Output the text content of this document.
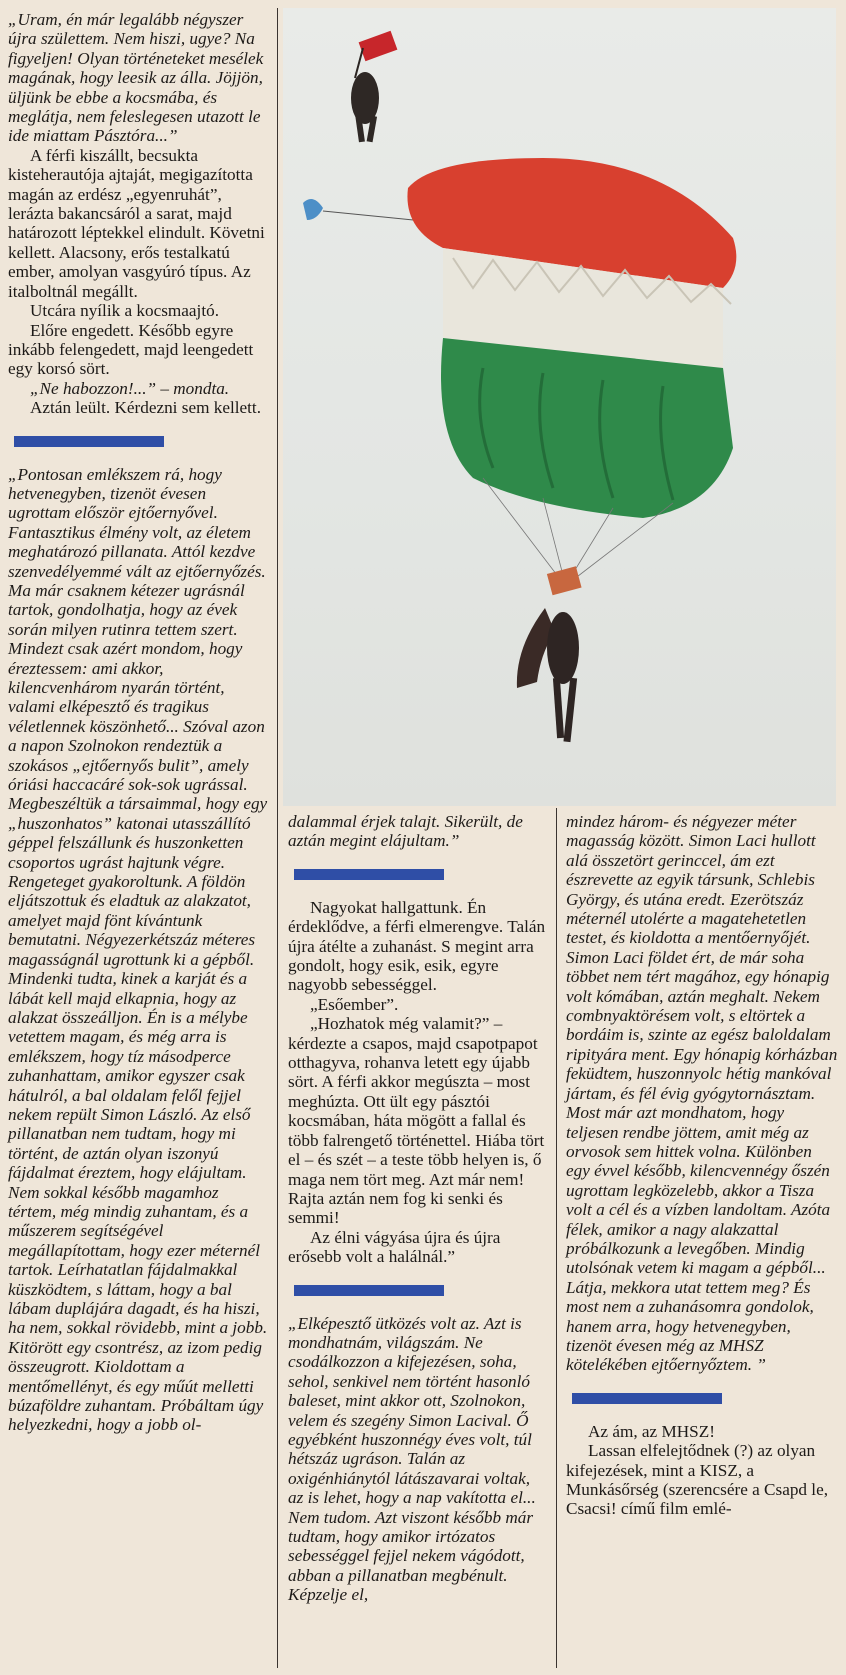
„Uram, én már legalább négyszer újra születtem. Nem hiszi, ugye? Na figyeljen! Olyan történeteket mesélek magának, hogy leesik az álla. Jöjjön, üljünk be ebbe a kocsmába, és meglátja, nem feleslegesen utazott le ide miattam Pásztóra...”

A férfi kiszállt, becsukta kisteherautója ajtaját, megigazította magán az erdész „egyenruhát”, lerázta bakancsáról a sarat, majd határozott léptekkel elindult. Követni kellett. Alacsony, erős testalkatú ember, amolyan vasgyúró típus. Az italboltnál megállt.

Utcára nyílik a kocsmaajtó.

Előre engedett. Később egyre inkább felengedett, majd leengedett egy korsó sört.

„Ne habozzon!...” – mondta.

Aztán leült. Kérdezni sem kellett.

„Pontosan emlékszem rá, hogy hetvenegyben, tizenöt évesen ugrottam először ejtőernyővel. Fantasztikus élmény volt, az életem meghatározó pillanata. Attól kezdve szenvedélyemmé vált az ejtőernyőzés. Ma már csaknem kétezer ugrásnál tartok, gondolhatja, hogy az évek során milyen rutinra tettem szert. Mindezt csak azért mondom, hogy éreztessem: ami akkor, kilencvenhárom nyarán történt, valami elképesztő és tragikus véletlennek köszönhető... Szóval azon a napon Szolnokon rendeztük a szokásos „ejtőernyős bulit”, amely óriási haccacáré sok-sok ugrással. Megbeszéltük a társaimmal, hogy egy „huszonhatos” katonai utasszállító géppel felszállunk és huszonketten csoportos ugrást hajtunk végre. Rengeteget gyakoroltunk. A földön eljátszottuk és eladtuk az alakzatot, amelyet majd fönt kívántunk bemutatni. Négyezerkétszáz méteres magasságnál ugrottunk ki a gépből. Mindenki tudta, kinek a karját és a lábát kell majd elkapnia, hogy az alakzat összeálljon. Én is a mélybe vetettem magam, és még arra is emlékszem, hogy tíz másodperce zuhanhattam, amikor egyszer csak hátulról, a bal oldalam felől fejjel nekem repült Simon László. Az első pillanatban nem tudtam, hogy mi történt, de aztán olyan iszonyú fájdalmat éreztem, hogy elájultam. Nem sokkal később magamhoz tértem, még mindig zuhantam, és a műszerem segítségével megállapítottam, hogy ezer méternél tartok. Leírhatatlan fájdalmakkal küszködtem, s láttam, hogy a bal lábam duplájára dagadt, és ha hiszi, ha nem, sokkal rövidebb, mint a jobb. Kitörött egy csontrész, az izom pedig összeugrott. Kioldottam a mentőmellényt, és egy műút melletti búzaföldre zuhantam. Próbáltam úgy helyezkedni, hogy a jobb ol-

dalammal érjek talajt. Sikerült, de aztán megint elájultam.”

Nagyokat hallgattunk. Én érdeklődve, a férfi elmerengve. Talán újra átélte a zuhanást. S megint arra gondolt, hogy esik, esik, egyre nagyobb sebességgel.

„Esőember”.

„Hozhatok még valamit?” – kérdezte a csapos, majd csapotpapot otthagyva, rohanva letett egy újabb sört. A férfi akkor megúszta – most meghúzta. Ott ült egy pásztói kocsmában, háta mögött a fallal és több falrengető történettel. Hiába tört el – és szét – a teste több helyen is, ő maga nem tört meg. Azt már nem! Rajta aztán nem fog ki senki és semmi!

Az élni vágyása újra és újra erősebb volt a halálnál.”

„Elképesztő ütközés volt az. Azt is mondhatnám, világszám. Ne csodálkozzon a kifejezésen, soha, sehol, senkivel nem történt hasonló baleset, mint akkor ott, Szolnokon, velem és szegény Simon Lacival. Ő egyébként huszonnégy éves volt, túl hétszáz ugráson. Talán az oxigénhiánytól látászavarai voltak, az is lehet, hogy a nap vakította el... Nem tudom. Azt viszont később már tudtam, hogy amikor irtózatos sebességgel fejjel nekem vágódott, abban a pillanatban megbénult. Képzelje el,

mindez három- és négyezer méter magasság között. Simon Laci hullott alá összetört gerinccel, ám ezt észrevette az egyik társunk, Schlebis György, és utána eredt. Ezerötszáz méternél utolérte a magatehetetlen testet, és kioldotta a mentőernyőjét. Simon Laci földet ért, de már soha többet nem tért magához, egy hónapig volt kómában, aztán meghalt. Nekem combnyaktörésem volt, s eltörtek a bordáim is, szinte az egész baloldalam ripityára ment. Egy hónapig kórházban feküdtem, huszonnyolc hétig mankóval jártam, és fél évig gyógytornásztam. Most már azt mondhatom, hogy teljesen rendbe jöttem, amit még az orvosok sem hittek volna. Különben egy évvel később, kilencvennégy őszén ugrottam legközelebb, akkor a Tisza volt a cél és a vízben landoltam. Azóta félek, amikor a nagy alakzattal próbálkozunk a levegőben. Mindig utolsónak vetem ki magam a gépből... Látja, mekkora utat tettem meg? És most nem a zuhanásomra gondolok, hanem arra, hogy hetvenegyben, tizenöt évesen még az MHSZ kötelékében ejtőernyőztem. ”

Az ám, az MHSZ!

Lassan elfelejtődnek (?) az olyan kifejezések, mint a KISZ, a Munkásőrség (szerencsére a Csapd le, Csacsi! című film emlé-
